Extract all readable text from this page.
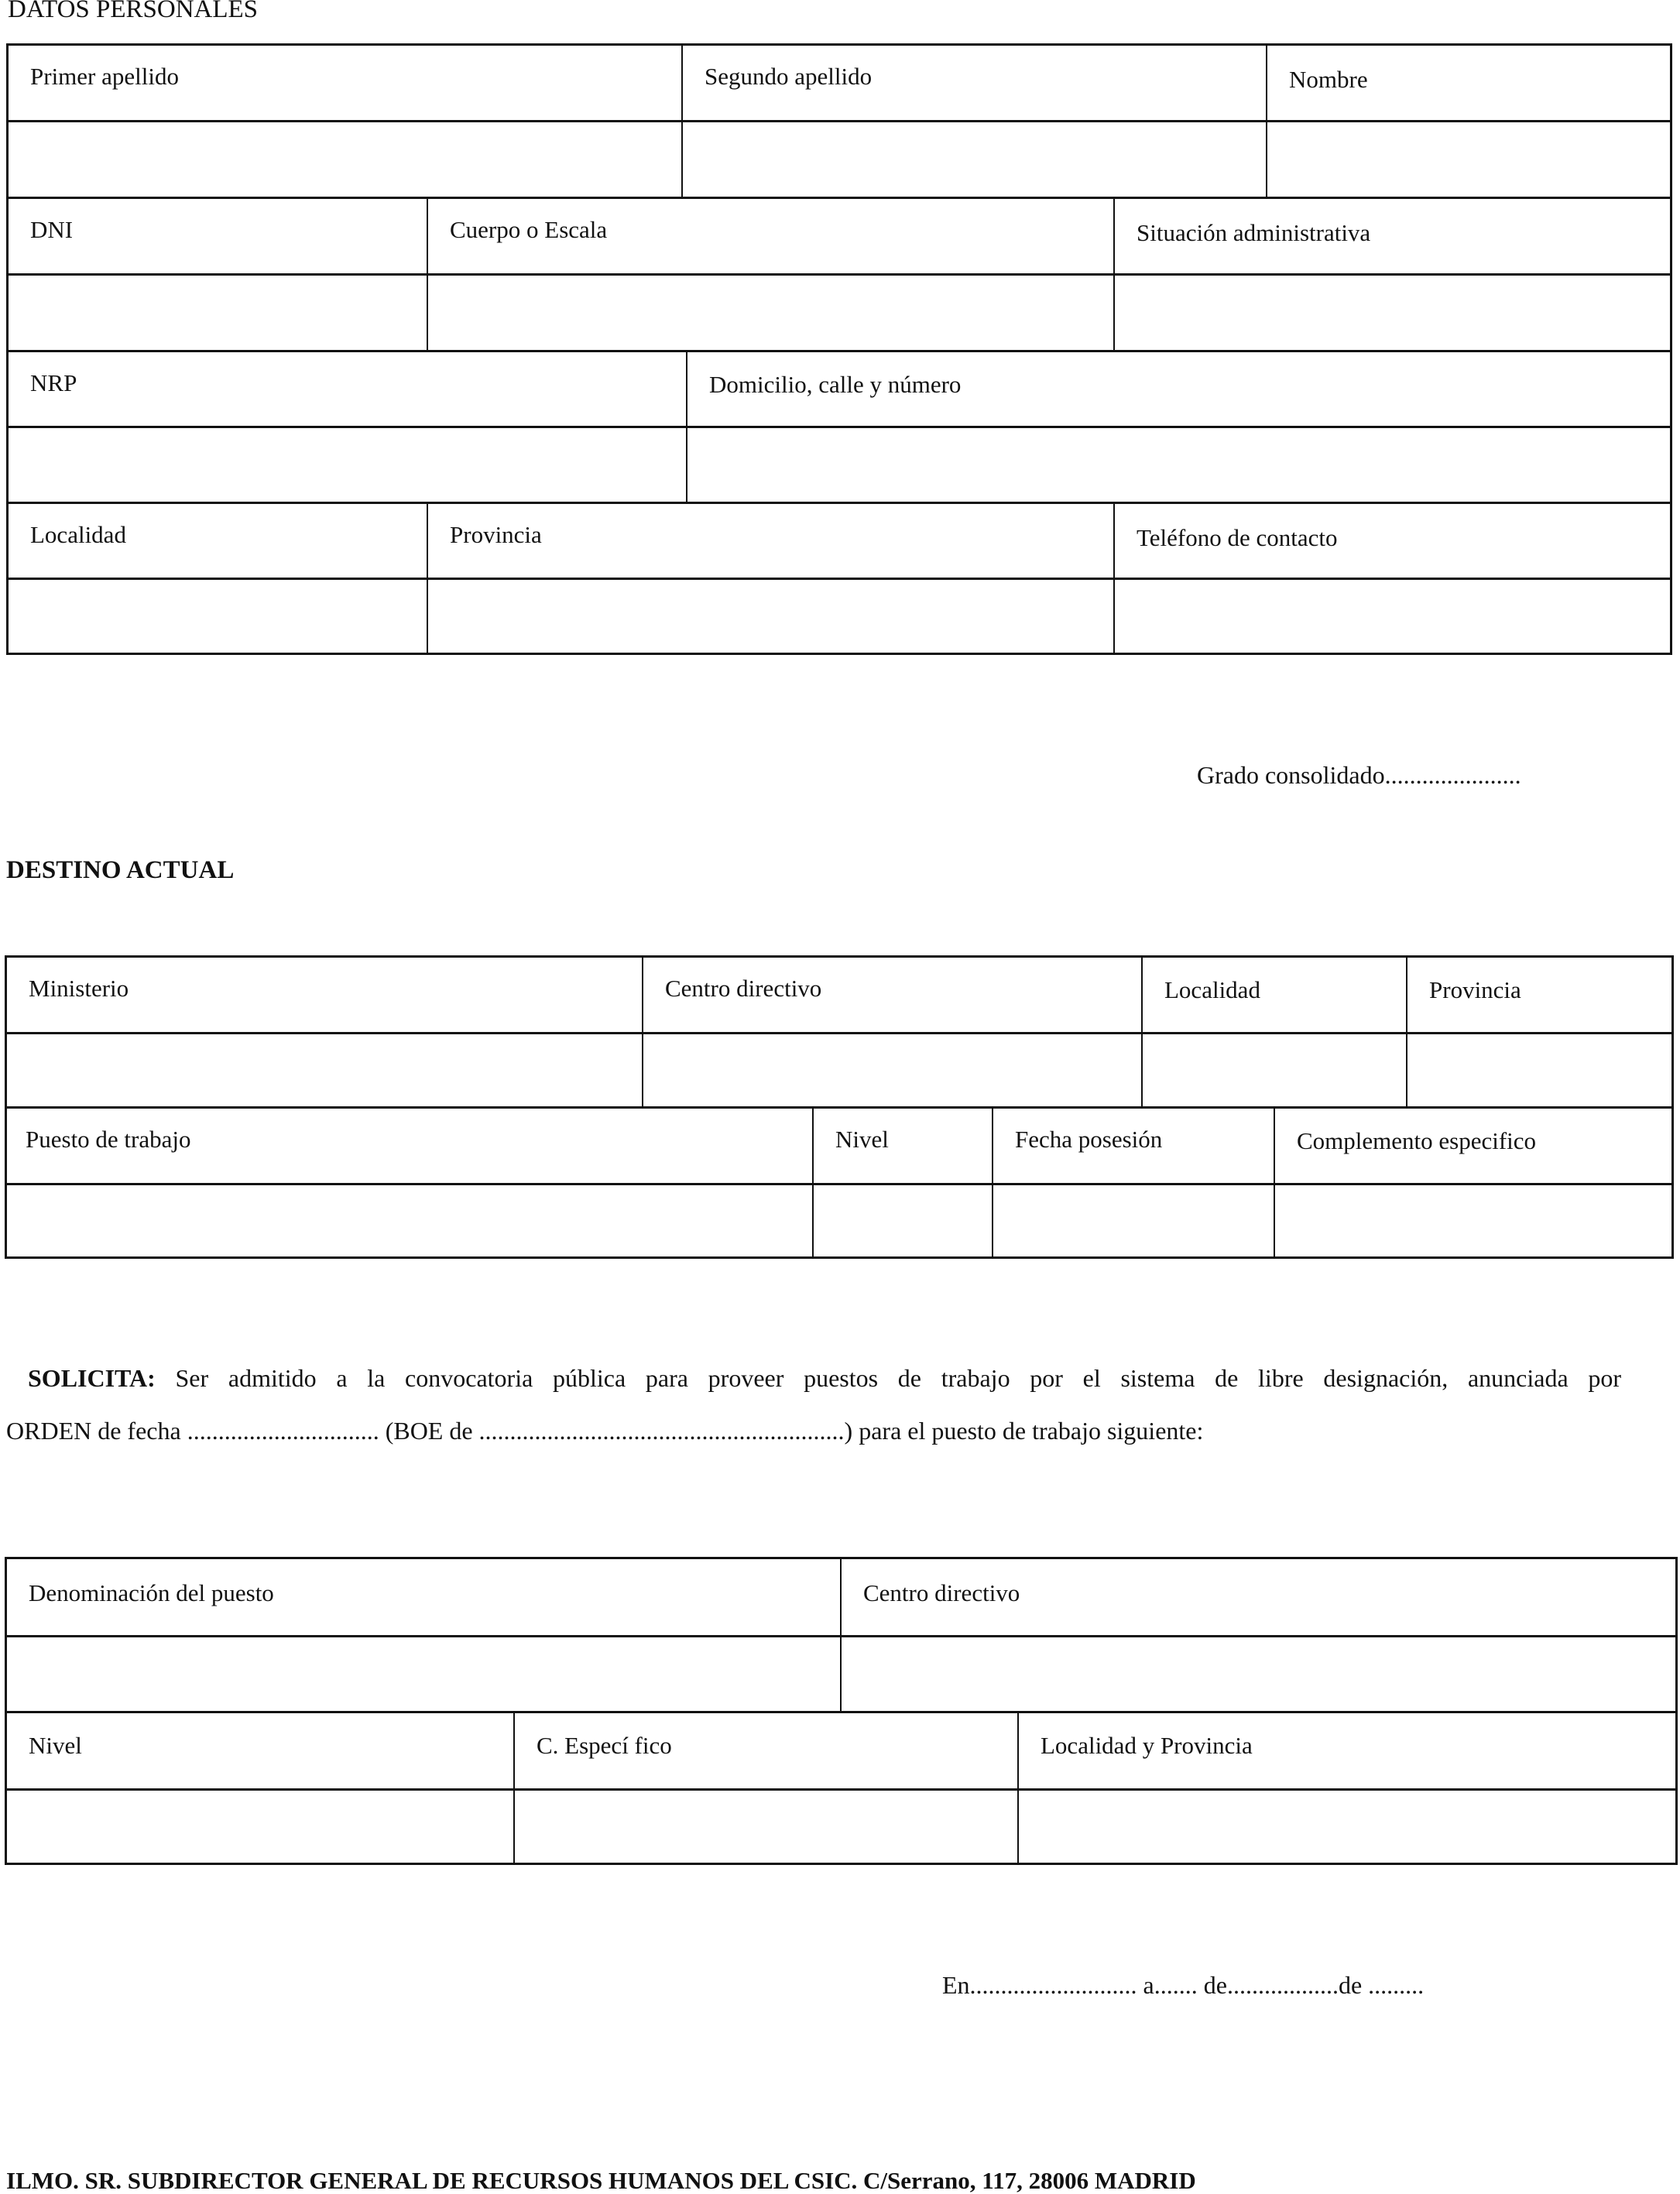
DATOS PERSONALES
Primer apellido	Segundo apellido	Nombre
DNI	Cuerpo o Escala	Situación administrativa
NRP	Domicilio, calle y número
Localidad	Provincia	Teléfono de contacto
Grado consolidado......................
DESTINO ACTUAL
Ministerio	Centro directivo	Localidad	Provincia
Puesto de trabajo	Nivel	Fecha posesión	Complemento especifico
SOLICITA: Ser admitido a la convocatoria pública para proveer puestos de trabajo por el sistema de libre designación, anunciada por
ORDEN de fecha ............................... (BOE de ...........................................................) para el puesto de trabajo siguiente:
Denominación del puesto	Centro directivo
Nivel	C. Especí fico	Localidad y Provincia
En........................... a....... de..................de .........
ILMO. SR. SUBDIRECTOR GENERAL DE RECURSOS HUMANOS DEL CSIC. C/Serrano, 117, 28006 MADRID
